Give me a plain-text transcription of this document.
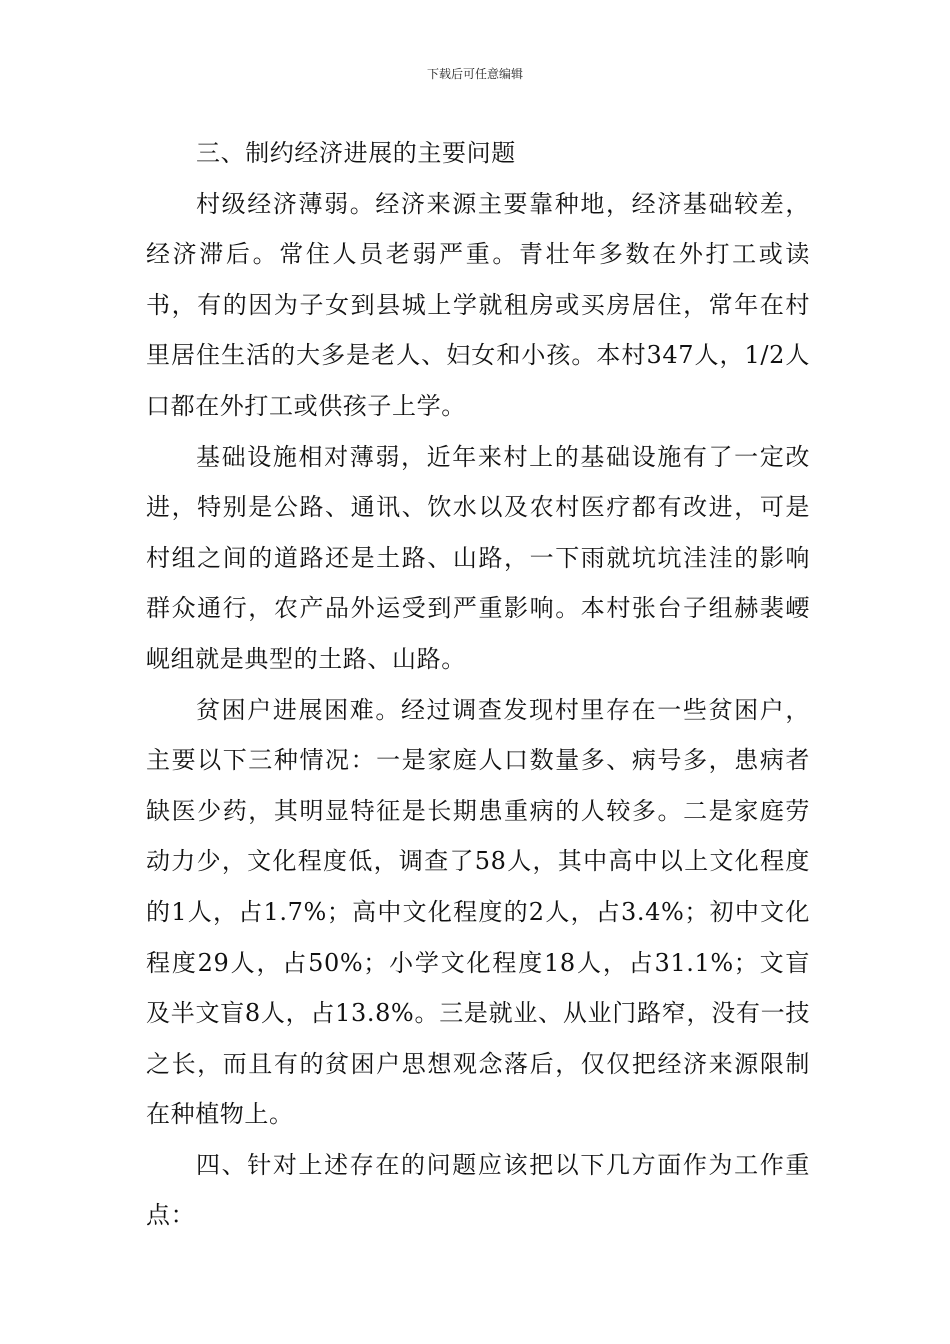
下载后可任意编辑

三、制约经济进展的主要问题

村级经济薄弱。经济来源主要靠种地，经济基础较差，经济滞后。常住人员老弱严重。青壮年多数在外打工或读书，有的因为子女到县城上学就租房或买房居住，常年在村里居住生活的大多是老人、妇女和小孩。本村347人，1/2人口都在外打工或供孩子上学。

基础设施相对薄弱，近年来村上的基础设施有了一定改进，特别是公路、通讯、饮水以及农村医疗都有改进，可是村组之间的道路还是土路、山路，一下雨就坑坑洼洼的影响群众通行，农产品外运受到严重影响。本村张台子组赫裴崾岘组就是典型的土路、山路。

贫困户进展困难。经过调查发现村里存在一些贫困户，主要以下三种情况：一是家庭人口数量多、病号多，患病者缺医少药，其明显特征是长期患重病的人较多。二是家庭劳动力少，文化程度低，调查了58人，其中高中以上文化程度的1人，占1.7%；高中文化程度的2人，占3.4%；初中文化程度29人，占50%；小学文化程度18人，占31.1%；文盲及半文盲8人，占13.8%。三是就业、从业门路窄，没有一技之长，而且有的贫困户思想观念落后，仅仅把经济来源限制在种植物上。

四、针对上述存在的问题应该把以下几方面作为工作重点：
